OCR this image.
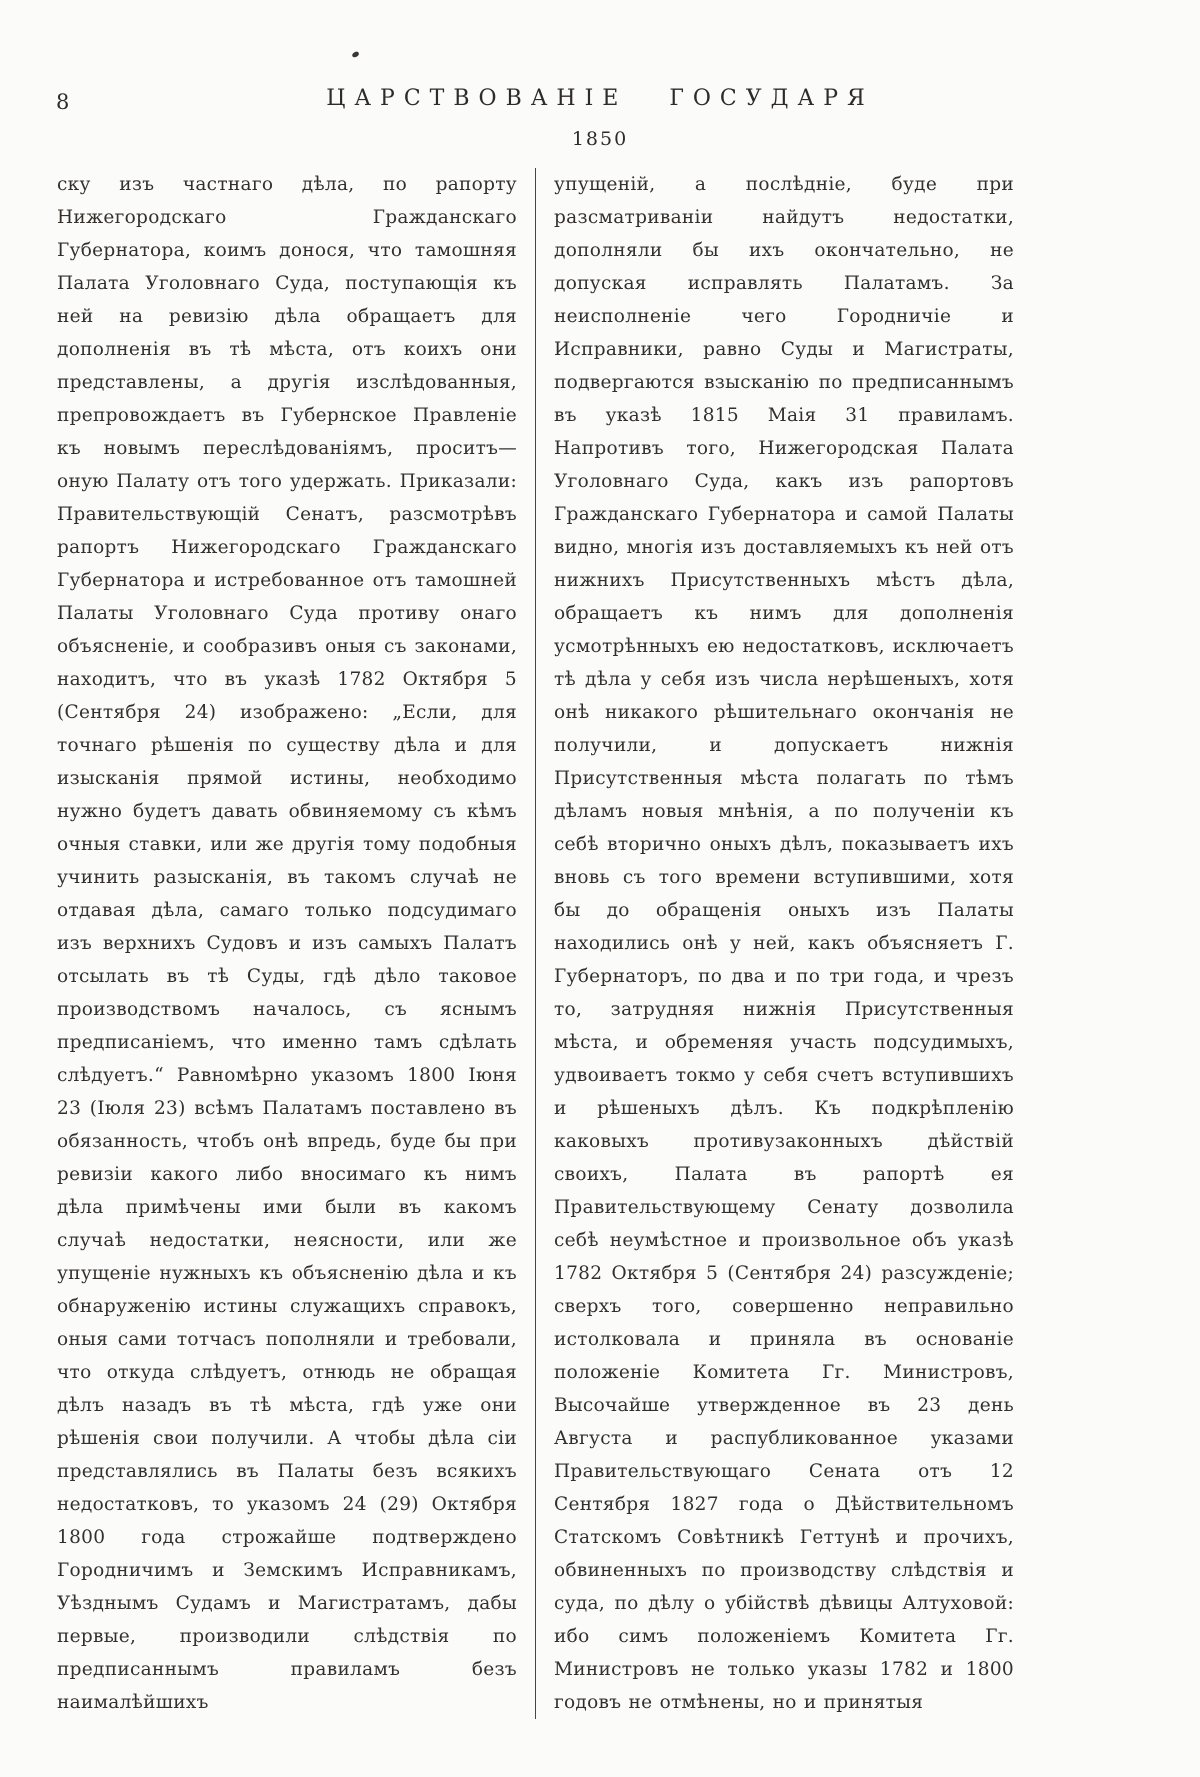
8	ЦАРСТВОВАНІЕ ГОСУДАРЯ
1850
ску изъ частнаго дѣла, по рапорту Нижегородскаго Гражданскаго Губернатора, коимъ донося, что тамошняя Палата Уголовнаго Суда, поступающія къ ней на ревизію дѣла обращаетъ для дополненія въ тѣ мѣста, отъ коихъ они представлены, а другія изслѣдованныя, препровождаетъ въ Губернское Правленіе къ новымъ переслѣдованіямъ, проситъ—оную Палату отъ того удержать. Приказали: Правительствующій Сенатъ, разсмотрѣвъ рапортъ Нижегородскаго Гражданскаго Губернатора и истребованное отъ тамошней Палаты Уголовнаго Суда противу онаго объясненіе, и сообразивъ оныя съ законами, находитъ, что въ указѣ 1782 Октября 5 (Сентября 24) изображено: „Если, для точнаго рѣшенія по существу дѣла и для изысканія прямой истины, необходимо нужно будетъ давать обвиняемому съ кѣмъ очныя ставки, или же другія тому подобныя учинить разысканія, въ такомъ случаѣ не отдавая дѣла, самаго только подсудимаго изъ верхнихъ Судовъ и изъ самыхъ Палатъ отсылать въ тѣ Суды, гдѣ дѣло таковое производствомъ началось, съ яснымъ предписаніемъ, что именно тамъ сдѣлать слѣдуетъ.“ Равномѣрно указомъ 1800 Іюня 23 (Іюля 23) всѣмъ Палатамъ поставлено въ обязанность, чтобъ онѣ впредь, буде бы при ревизіи какого либо вносимаго къ нимъ дѣла примѣчены ими были въ какомъ случаѣ недостатки, неясности, или же упущеніе нужныхъ къ объясненію дѣла и къ обнаруженію истины служащихъ справокъ, оныя сами тотчасъ пополняли и требовали, что откуда слѣдуетъ, отнюдь не обращая дѣлъ назадъ въ тѣ мѣста, гдѣ уже они рѣшенія свои получили. А чтобы дѣла сіи представлялись въ Палаты безъ всякихъ недостатковъ, то указомъ 24 (29) Октября 1800 года строжайше подтверждено Городничимъ и Земскимъ Исправникамъ, Уѣзднымъ Судамъ и Магистратамъ, дабы первые, производили слѣдствія по предписаннымъ правиламъ безъ наималѣйшихъ
упущеній, а послѣдніе, буде при разсматриваніи найдутъ недостатки, дополняли бы ихъ окончательно, не допуская исправлять Палатамъ. За неисполненіе чего Городничіе и Исправники, равно Суды и Магистраты, подвергаются взысканію по предписаннымъ въ указѣ 1815 Маія 31 правиламъ. Напротивъ того, Нижегородская Палата Уголовнаго Суда, какъ изъ рапортовъ Гражданскаго Губернатора и самой Палаты видно, многія изъ доставляемыхъ къ ней отъ нижнихъ Присутственныхъ мѣстъ дѣла, обращаетъ къ нимъ для дополненія усмотрѣнныхъ ею недостатковъ, исключаетъ тѣ дѣла у себя изъ числа нерѣшеныхъ, хотя онѣ никакого рѣшительнаго окончанія не получили, и допускаетъ нижнія Присутственныя мѣста полагать по тѣмъ дѣламъ новыя мнѣнія, а по полученіи къ себѣ вторично оныхъ дѣлъ, показываетъ ихъ вновь съ того времени вступившими, хотя бы до обращенія оныхъ изъ Палаты находились онѣ у ней, какъ объясняетъ Г. Губернаторъ, по два и по три года, и чрезъ то, затрудняя нижнія Присутственныя мѣста, и обременяя участь подсудимыхъ, удвоиваетъ токмо у себя счетъ вступившихъ и рѣшеныхъ дѣлъ. Къ подкрѣпленію каковыхъ противузаконныхъ дѣйствій своихъ, Палата въ рапортѣ ея Правительствующему Сенату дозволила себѣ неумѣстное и произвольное объ указѣ 1782 Октября 5 (Сентября 24) разсужденіе; сверхъ того, совершенно неправильно истолковала и приняла въ основаніе положеніе Комитета Гг. Министровъ, Высочайше утвержденное въ 23 день Августа и распубликованное указами Правительствующаго Сената отъ 12 Сентября 1827 года о Дѣйствительномъ Статскомъ Совѣтникѣ Геттунѣ и прочихъ, обвиненныхъ по производству слѣдствія и суда, по дѣлу о убійствѣ дѣвицы Алтуховой: ибо симъ положеніемъ Комитета Гг. Министровъ не только указы 1782 и 1800 годовъ не отмѣнены, но и принятыя
